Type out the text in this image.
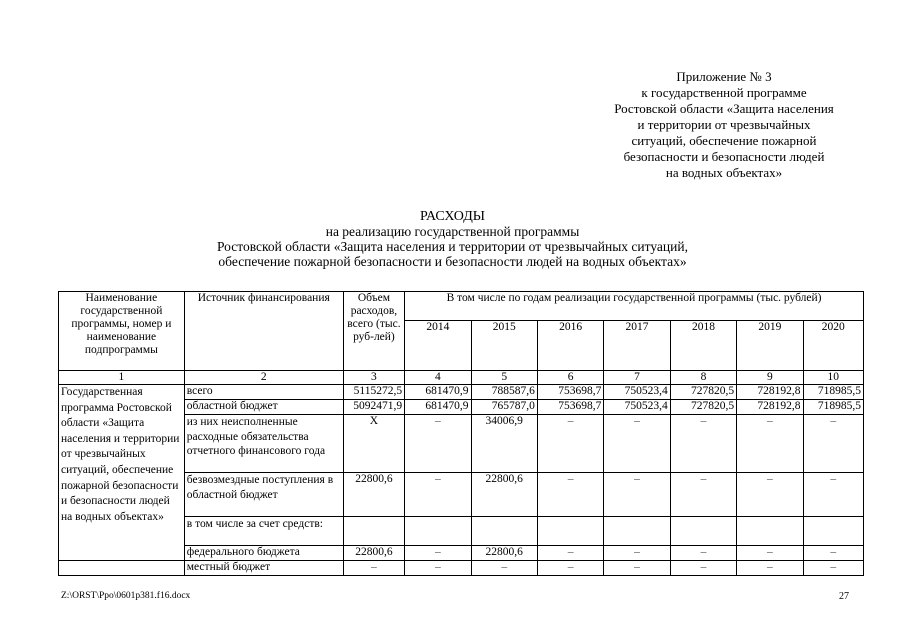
Приложение № 3
к государственной программе
Ростовской области «Защита населения
и территории от чрезвычайных
ситуаций, обеспечение пожарной
безопасности и безопасности людей
на водных объектах»
РАСХОДЫ
на реализацию государственной программы
Ростовской области «Защита населения и территории от чрезвычайных ситуаций,
обеспечение пожарной безопасности и безопасности людей на водных объектах»
Наименование государственной программы, номер и наименование подпрограммы	Источник финансирования	Объем расходов, всего (тыс. руб-лей)	В том числе по годам реализации государственной программы (тыс. рублей)						
			2014	2015	2016	2017	2018	2019	2020
1	2	3	4	5	6	7	8	9	10
Государственная программа Ростовской области «Защита населения и территории от чрезвычайных ситуаций, обеспечение пожарной безопасности и безопасности людей на водных объектах»	всего	5115272,5	681470,9	788587,6	753698,7	750523,4	727820,5	728192,8	718985,5
	областной бюджет	5092471,9	681470,9	765787,0	753698,7	750523,4	727820,5	728192,8	718985,5
	из них неисполненные расходные обязательства отчетного финансового года	Х	–	34006,9	–	–	–	–	–
	безвозмездные поступления в областной бюджет	22800,6	–	22800,6	–	–	–	–	–
	в том числе за счет средств:								
	федерального бюджета	22800,6	–	22800,6	–	–	–	–	–
	местный бюджет	–	–	–	–	–	–	–	–
Z:\ORST\Ppo\0601p381.f16.docx	27
